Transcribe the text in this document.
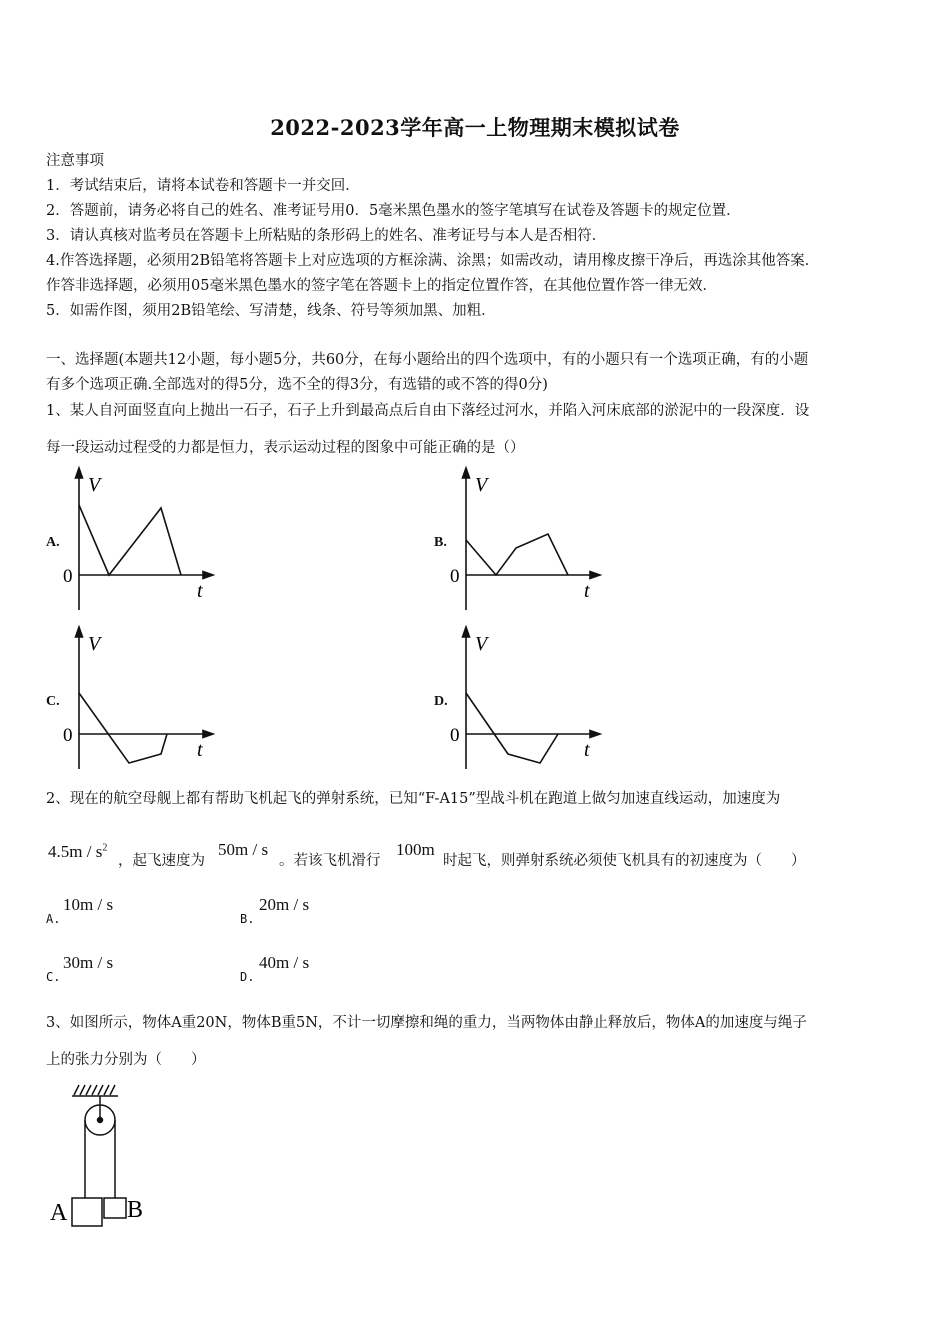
2022-2023学年高一上物理期末模拟试卷
注意事项
1．考试结束后，请将本试卷和答题卡一并交回．
2．答题前，请务必将自己的姓名、准考证号用0．5毫米黑色墨水的签字笔填写在试卷及答题卡的规定位置．
3．请认真核对监考员在答题卡上所粘贴的条形码上的姓名、准考证号与本人是否相符．
4.作答选择题，必须用2B铅笔将答题卡上对应选项的方框涂满、涂黑；如需改动，请用橡皮擦干净后，再选涂其他答案．
作答非选择题，必须用05毫米黑色墨水的签字笔在答题卡上的指定位置作答，在其他位置作答一律无效．
5．如需作图，须用2B铅笔绘、写清楚，线条、符号等须加黑、加粗．
一、选择题(本题共12小题，每小题5分，共60分，在每小题给出的四个选项中，有的小题只有一个选项正确，有的小题
有多个选项正确.全部选对的得5分，选不全的得3分，有选错的或不答的得0分)
1、某人自河面竖直向上抛出一石子，石子上升到最高点后自由下落经过河水，并陷入河床底部的淤泥中的一段深度．设
每一段运动过程受的力都是恒力，表示运动过程的图象中可能正确的是（）
A.
V
0
t
B.
V
0
t
C.
V
0
t
D.
V
0
t
2、现在的航空母舰上都有帮助飞机起飞的弹射系统，已知“F-A15”型战斗机在跑道上做匀加速直线运动，加速度为
$4.5m / s^2$
，起飞速度为
50m / s
。若该飞机滑行
100m
时起飞，则弹射系统必须使飞机具有的初速度为（　　）
A.
10m / s
B.
20m / s
C.
30m / s
D.
40m / s
3、如图所示，物体A重20N，物体B重5N，不计一切摩擦和绳的重力，当两物体由静止释放后，物体A的加速度与绳子
上的张力分别为（　　）
A B
